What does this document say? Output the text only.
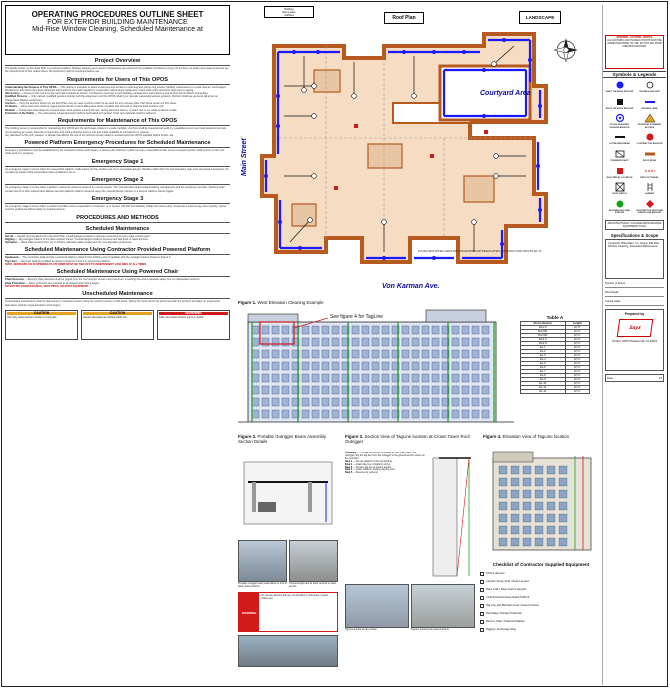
OPERATING PROCEDURES OUTLINE SHEET
FOR EXTERIOR BUILDING MAINTENANCE
Mid-Rise Window Cleaning, Scheduled Maintenance at
Project Overview
The facility shown on this Roof Plan is a mid-rise building. Window cleaning and exterior maintenance are performed by qualified contractors using roof anchors, tie backs and powered access per the requirements of this outline sheet. All equipment must be inspected before use.
Requirements for Users of This OPOS
Understanding the Purpose of This OPOS — This outline is intended to assist employers and workers in planning and performing exterior building maintenance in a safe manner. Anchorages identified on this sheet have been designed and tested for the loads applied by suspended maintenance equipment. Users shall verify all anchor tags prior to rigging.
Site Access — Access to the roof is by the roof hatch located as shown. Contractors must sign in with building management and receive a roof access permit before proceeding.
Qualified Persons — Only trained, qualified persons familiar with the equipment and this OPOS shall rig or operate suspended access systems. Workers shall use personal fall arrest on independent lifelines at all times.
Anchors — Only the anchors shown on the Roof Plan may be used. Anchors shall not be used for any purpose other than those shown on this sheet.
Tie Backs — All tie back lines shall be rigged perpendicular to the building face where possible and secured to rated tie back anchors only.
Weather — Suspended work shall not proceed when wind speeds exceed 25 mph, during electrical storms, or when rain or ice make surfaces unsafe.
Protection of the Public — The area below suspended work shall be barricaded and posted. Tools and materials shall be tethered.
Requirements for Maintenance of This OPOS
The building owner is responsible for maintaining this OPOS and the anchorage system in a safe condition. Anchors shall be inspected annually by a qualified person and load tested at intervals not exceeding ten years. Records of inspection and testing shall be kept on site and made available to contractors on request.
Any alteration to the roof, parapet, or facade that affects the use of the anchors shown shall be reviewed and the OPOS updated before further use.
Powered Platform Emergency Procedures for Scheduled Maintenance
Emergency procedures must be established by the contractor before work begins. A rescue plan shall be in place for every suspended worker and a competent person shall remain on the roof while work is in progress.
Emergency Stage 1
An emergency stage 1 occurs when the suspended platform malfunctions but the workers are not in immediate danger. Workers shall notify the roof attendant, stop work and await instructions. Do not attempt repairs while suspended unless qualified to do so.
Emergency Stage 2
An emergency stage 2 occurs when a platform cannot be raised or lowered by normal means. The roof attendant shall contact building management and the equipment provider. Workers shall remain tied off to their independent lifelines and the platform shall be retrieved using the manual descent device or a second platform where rigged.
Emergency Stage 3
An emergency stage 3 occurs when a worker has fallen and is suspended in a harness, or is injured. Call 911 immediately. Initiate the rescue plan. Suspension trauma may occur quickly; rescue must be performed without delay by trained persons.
PROCEDURES AND METHODS
Scheduled Maintenance
Set Up — Identify drop locations from the Roof Plan. Install parapet protection and rope protectors at every edge contact point.
Rigging — Rig outrigger beams to the davit sockets shown. Counterweights shall be secured and tied back to rated anchors.
Operation — Work shall proceed from top to bottom. Maintain radio contact with the roof attendant at all times.
Scheduled Maintenance Using Contractor Provided Powered Platform
Equipment — The contractor shall provide a powered platform rated for the building and compatible with the outrigger beams shown in Figure 2.
Tag Lines — Tag lines shall be installed as shown in Figures 3 and 4 to control the platform.
NOTE: WORKERS ON SUSPENDED PLATFORMS MUST BE TIED OFF TO INDEPENDENT LIFELINES AT ALL TIMES.
Scheduled Maintenance Using Powered Chair
Chair Descents — Bosun's chair descents shall be rigged from the roof anchors shown using two lines: a working line and a separate safety line on independent anchors.
Edge Protection — Rope protectors are required at all parapet and coping edges.
DO NOT RIG FROM RAILINGS, VENT PIPES, OR ROOF EQUIPMENT.
Unscheduled Maintenance
Unscheduled maintenance shall be planned by a competent person using the anchors shown on this sheet. Where the work cannot be performed with the anchors provided, an engineered alternative shall be prepared before work begins.
CAUTION
Use only rated anchors shown on roof plan.
CAUTION
Inspect all equipment before each use.
WARNING
Falls can cause serious injury or death.
Building
Name Here
Address	Roof Plan	LANDSCAPE
Courtyard Area
Main Street
Von Karman Ave.
FLUSH MOUNTED GROUND ANCHORS FOR REGULATED ROOFING FOR OPOTS EL 17
WARNING - CAUTION - NOTICE
ALL ANCHORS AND TIE BACK POINTS MUST BE INSPECTED PRIOR TO USE. DO NOT RIG FROM UNRATED ANCHORS.
Symbols & Legends
DAVIT TIE BACK ANCHOR	TIE BACK ANCHOR
ROOF TIE BACK ANCHOR	RIGGING LANE
FLUSH MOUNTED GROUND ANCHOR
EXTERIOR POWERED ACCESS
OUTRIGGER BEAM	CONTRACTOR ANCHOR
POWERED DAVIT	ROOF EDGE
ELECTRICAL LOCATION	PATH OF TRAVEL
ROOF HATCH	LADDER
SECURED HOLDING STATION
CONTRACTOR SUPPLIED SINGLE-USE ANCHOR
ARCHITECTURAL / FACADE MAINTENANCE EQUIPMENT PLAN
Specifications & Scope
Contractor: Bldg Maint. Co. Scope: Mid-Rise Window Cleaning, Scheduled Maintenance
Number of Floors
Roof Height
Typical Glass
Prepared by
Sayx
PO Box 10087 Pleasant Hill, CA 94523
Date	13
Figure 1. West Elevation Cleaning Example
See figure 4 for TagLine	Table A
Roof reference	Length
Roof A	22'-0"
Roof B1	22'-0"
Roof B2	22'-0"
Roof C	22'-0"
Roof D	22'-0"
EL-1	22'-0"
EL-2	22'-0"
EL-3	22'-0"
EL-4	22'-0"
EL-5	22'-0"
EL-6	22'-0"
EL-7	22'-0"
EL-8	22'-0"
EL-9	22'-0"
EL-10	22'-0"
EL-11	22'-0"
EL-12	22'-0"
Figure 2. Portable Outrigger Beam Assembly Section Details
Portable outrigger beam assembled on roof at davit socket location.
Counterweight and tie back secured to rated anchor.
WARNING
Do not use anchors that are not identified on this sheet. Inspect before use.
Figure 3. Section View of TagLine location at Crown Tower Roof Outrigger
Assembly — The tag line anchor is located at the crown tower roof outrigger. Rig the tag line from the outrigger to the ground anchor shown on the roof plan.
Step 1 — Set the platform at the top landing.
Step 2 — Attach tag line to platform stirrup.
Step 3 — Tension tag line at ground anchor.
Step 4 — Lower platform, keeping tag line taut.
Step 5 — Reverse for retrieval.
Tag line anchor at top of tower.	Tag line tensioned at ground anchor.
Figure 4. Elevation View of TagLine location
Checklist of Contractor Supplied Equipment
5-Point Harness
Lanyard / Rope Grab / Rope Lanyard
Rope Grab / Rope Grab & Lanyard
3 Fall Protection Rope Rated 5,000 lb
Tag Line with Manhole Cover / Rope Protector
Roof Edge / Parapet Protection
Bosun's Chair / Powered Platform
Rigging / Anchorage Sling
